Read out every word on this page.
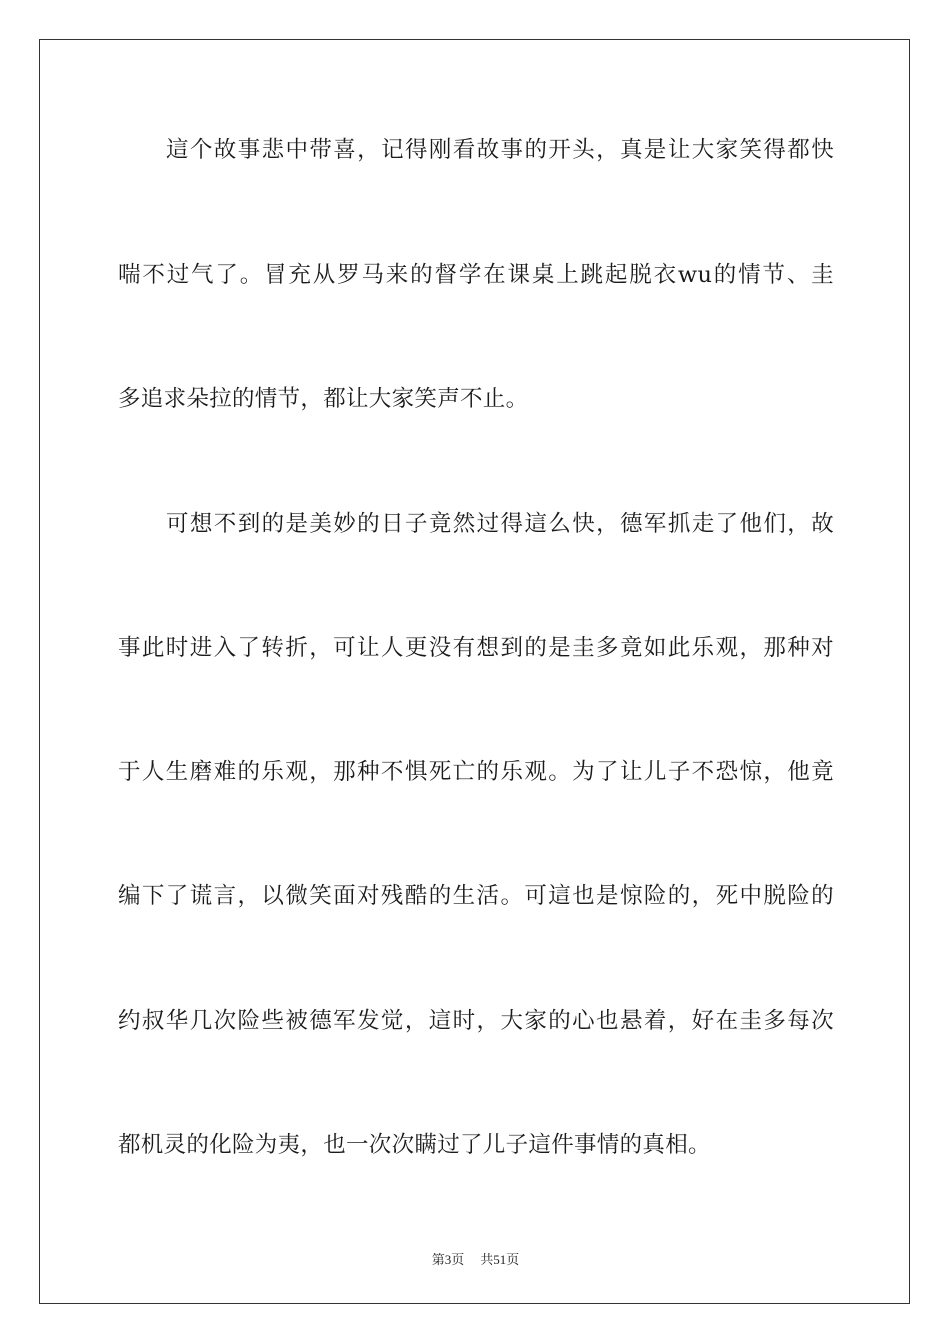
這个故事悲中带喜，记得刚看故事的开头，真是让大家笑得都快
喘不过气了。冒充从罗马来的督学在课桌上跳起脱衣wu的情节、圭
多追求朵拉的情节，都让大家笑声不止。
可想不到的是美妙的日子竟然过得這么快，德军抓走了他们，故
事此时进入了转折，可让人更没有想到的是圭多竟如此乐观，那种对
于人生磨难的乐观，那种不惧死亡的乐观。为了让儿子不恐惊，他竟
编下了谎言，以微笑面对残酷的生活。可這也是惊险的，死中脱险的
约叔华几次险些被德军发觉，這时，大家的心也悬着，好在圭多每次
都机灵的化险为夷，也一次次瞒过了儿子這件事情的真相。
第3页 共51页
